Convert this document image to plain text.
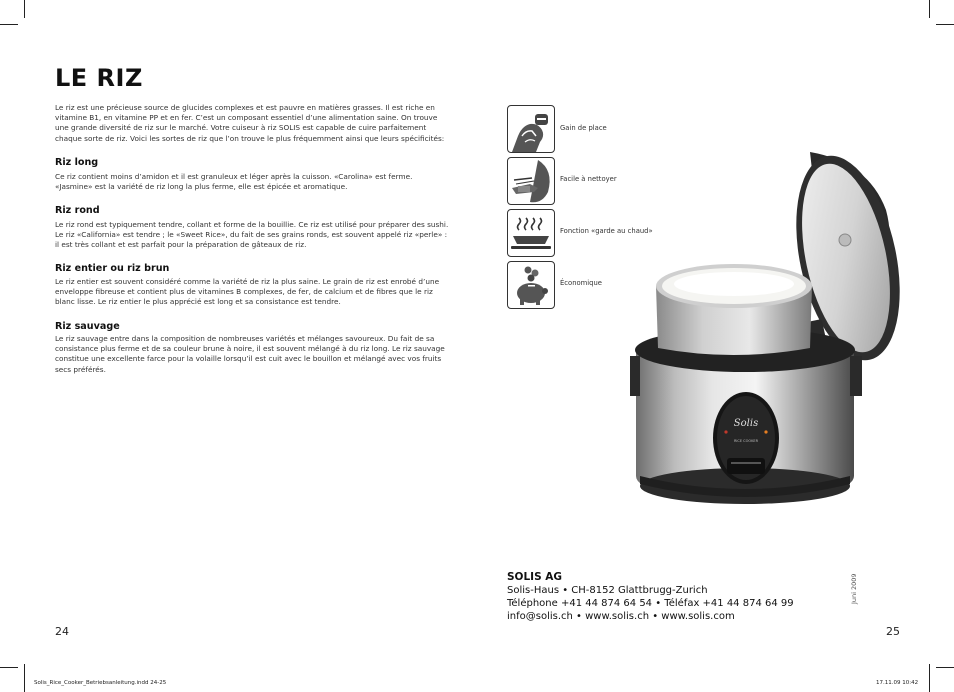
LE RIZ

Le riz est une précieuse source de glucides complexes et est pauvre en matières grasses. Il est riche en vitamine B1, en vitamine PP et en fer. C’est un composant essentiel d’une alimentation saine. On trouve une grande diversité de riz sur le marché. Votre cuiseur à riz SOLIS est capable de cuire parfaitement chaque sorte de riz. Voici les sortes de riz que l’on trouve le plus fréquemment ainsi que leurs spécificités:

Riz long

Ce riz contient moins d’amidon et il est granuleux et léger après la cuisson. «Carolina» est ferme. «Jasmine» est la variété de riz long la plus ferme, elle est épicée et aromatique.

Riz rond

Le riz rond est typiquement tendre, collant et forme de la bouillie. Ce riz est utilisé pour préparer des sushi. Le riz «California» est tendre ; le «Sweet Rice», du fait de ses grains ronds, est souvent appelé riz «perle» : il est très collant et est parfait pour la préparation de gâteaux de riz.

Riz entier ou riz brun

Le riz entier est souvent considéré comme la variété de riz la plus saine. Le grain de riz est enrobé d’une enveloppe fibreuse et contient plus de vitamines B complexes, de fer, de calcium et de fibres que le riz blanc lisse. Le riz entier le plus apprécié est long et sa consistance est tendre.

Riz sauvage

Le riz sauvage entre dans la composition de nombreuses variétés et mélanges savoureux. Du fait de sa consistance plus ferme et de sa couleur brune à noire, il est souvent mélangé à du riz long. Le riz sauvage constitue une excellente farce pour la volaille lorsqu’il est cuit avec le bouillon et mélangé avec vos fruits secs préférés.

24
Gain de place
Facile à nettoyer
Fonction «garde au chaud»
Économique
Solis
RICE COOKER
SOLIS AG
Solis-Haus • CH-8152 Glattbrugg-Zurich
Téléphone +41 44 874 64 54 • Téléfax +41 44 874 64 99
info@solis.ch • www.solis.ch • www.solis.com
Juni 2009
25
Solis_Rice_Cooker_Betriebsanleitung.indd 24-25	17.11.09 10:42
